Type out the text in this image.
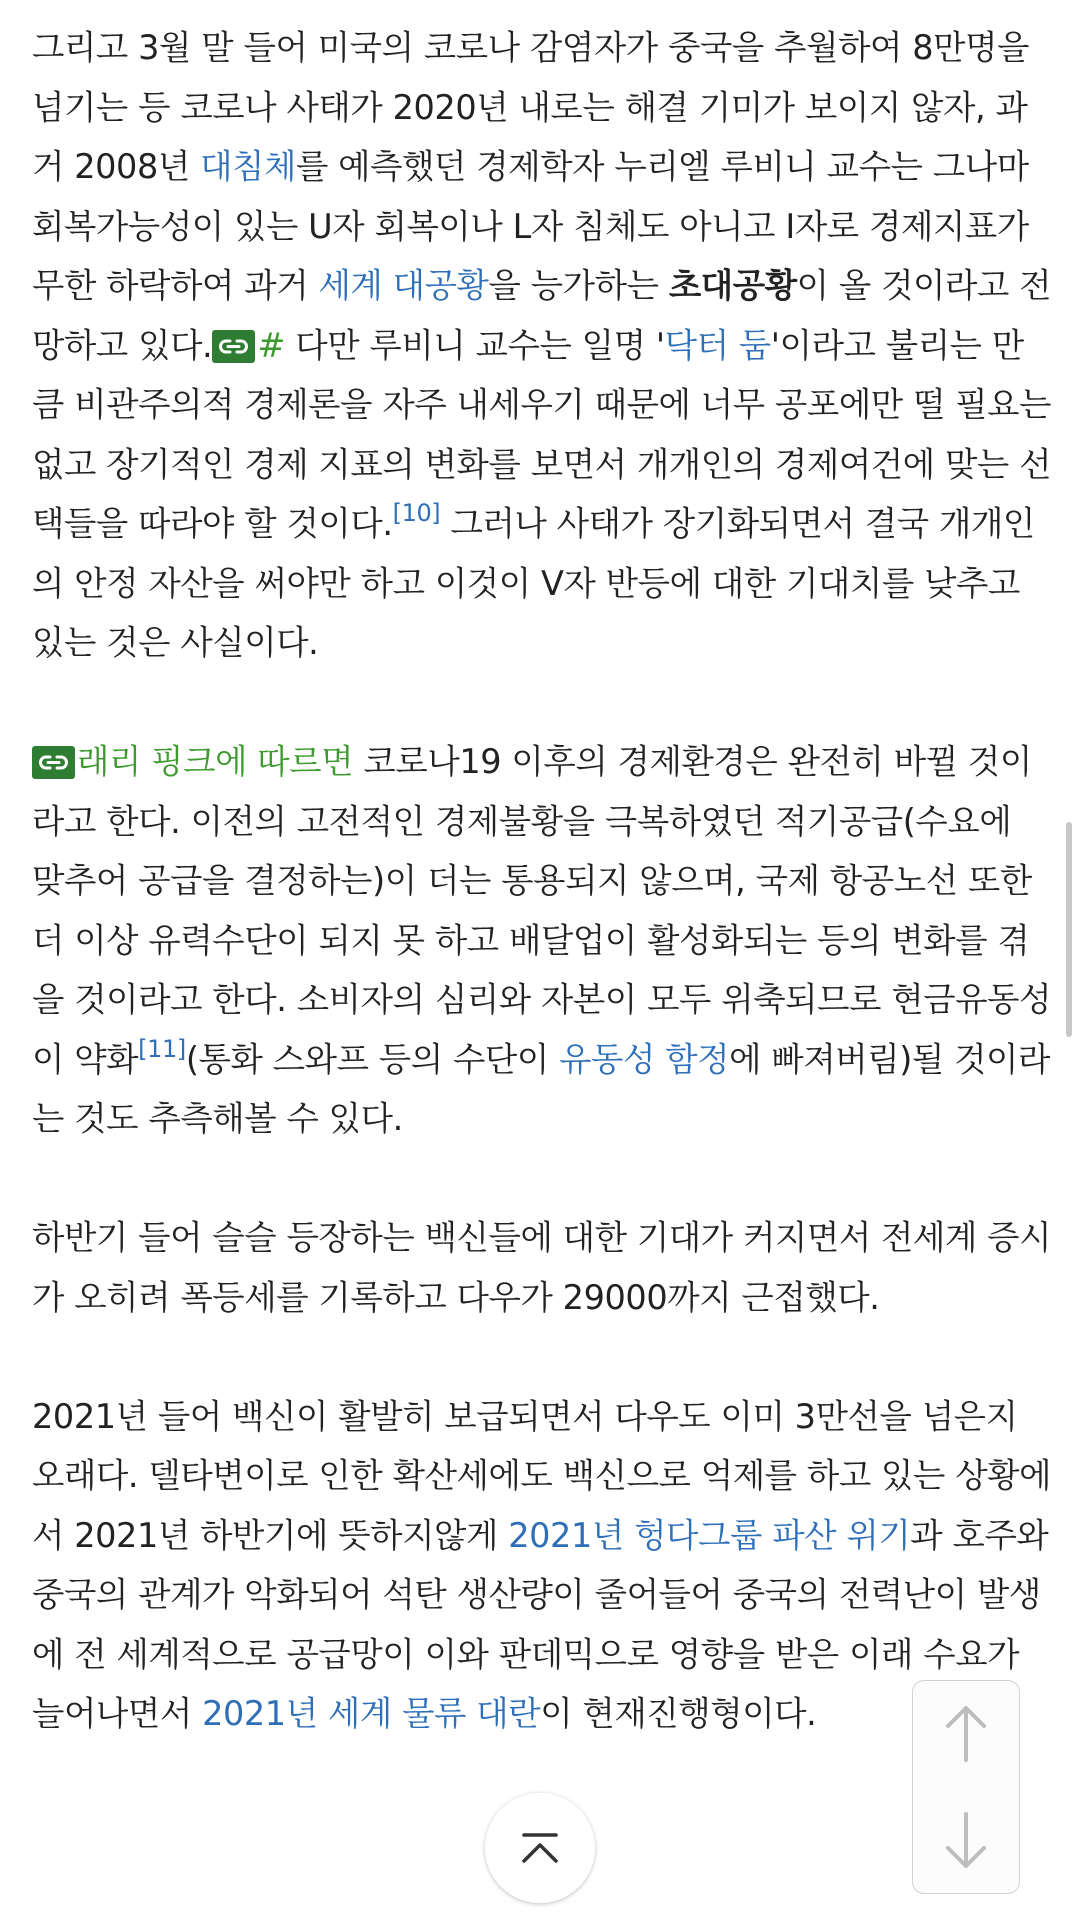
그리고 3월 말 들어 미국의 코로나 감염자가 중국을 추월하여 8만명을 넘기는 등 코로나 사태가 2020년 내로는 해결 기미가 보이지 않자, 과거 2008년 대침체를 예측했던 경제학자 누리엘 루비니 교수는 그나마 회복가능성이 있는 U자 회복이나 L자 침체도 아니고 I자로 경제지표가 무한 하락하여 과거 세계 대공황을 능가하는 초대공황이 올 것이라고 전망하고 있다. # 다만 루비니 교수는 일명 '닥터 둠'이라고 불리는 만큼 비관주의적 경제론을 자주 내세우기 때문에 너무 공포에만 떨 필요는 없고 장기적인 경제 지표의 변화를 보면서 개개인의 경제여건에 맞는 선택들을 따라야 할 것이다.[10] 그러나 사태가 장기화되면서 결국 개개인의 안정 자산을 써야만 하고 이것이 V자 반등에 대한 기대치를 낮추고 있는 것은 사실이다.

래리 핑크에 따르면 코로나19 이후의 경제환경은 완전히 바뀔 것이라고 한다. 이전의 고전적인 경제불황을 극복하였던 적기공급(수요에 맞추어 공급을 결정하는)이 더는 통용되지 않으며, 국제 항공노선 또한 더 이상 유력수단이 되지 못 하고 배달업이 활성화되는 등의 변화를 겪을 것이라고 한다. 소비자의 심리와 자본이 모두 위축되므로 현금유동성이 약화[11](통화 스와프 등의 수단이 유동성 함정에 빠져버림)될 것이라는 것도 추측해볼 수 있다.

하반기 들어 슬슬 등장하는 백신들에 대한 기대가 커지면서 전세계 증시가 오히려 폭등세를 기록하고 다우가 29000까지 근접했다.

2021년 들어 백신이 활발히 보급되면서 다우도 이미 3만선을 넘은지 오래다. 델타변이로 인한 확산세에도 백신으로 억제를 하고 있는 상황에서 2021년 하반기에 뜻하지않게 2021년 헝다그룹 파산 위기과 호주와 중국의 관계가 악화되어 석탄 생산량이 줄어들어 중국의 전력난이 발생에 전 세계적으로 공급망이 이와 판데믹으로 영향을 받은 이래 수요가 늘어나면서 2021년 세계 물류 대란이 현재진행형이다.
